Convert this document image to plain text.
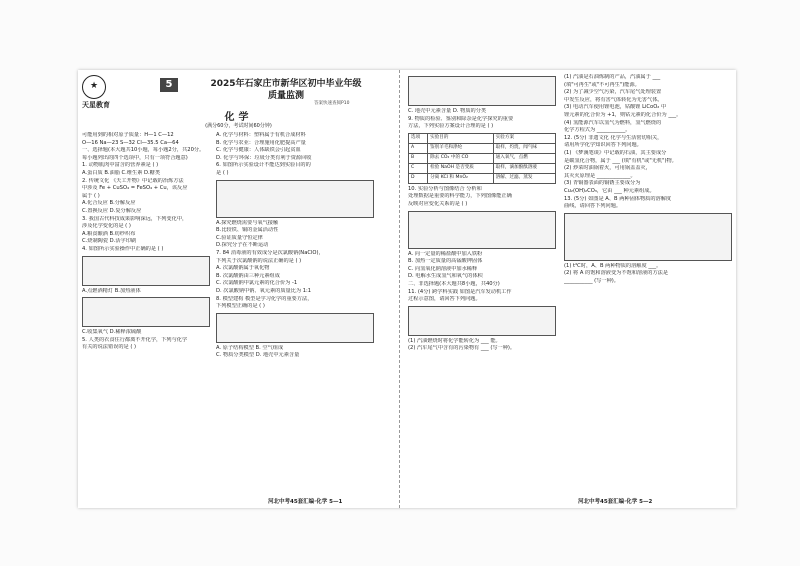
★
天星教育
5	2025年石家庄市新华区初中毕业年级
质量监测
答案快速查阅P10
化学
(满分60分，考试时间60分钟)

可能用到的相对原子质量：H—1 C—12

O—16 Na—23 S—32 Cl—35.5 Ca—64

一、选择题(本大题共10小题，每小题2分，共20分。

每小题列出的四个选项中，只有一项符合题意)

1. 动物肌肉中富含的营养素是 ( )

A.蛋白质 B.油脂 C.维生素 D.糖类

2. 传统文化 《天工开物》中记载的冶炼方法

中涉及 Fe + CuSO₄ = FeSO₄ + Cu，该反应

属于 ( )

A.化合反应 B.分解反应

C.置换反应 D.复分解反应

3. 我国古代科技成果影响深远，下列变化中，

涉及化学变化的是 ( )

A.粮食酿酒 B.纺纱织布

C.烧制陶瓷 D.活字印刷

4. 如图所示实验操作中正确的是 ( )

A.点燃酒精灯 B.加热液体

C.收集氧气 D.稀释浓硫酸

5. 人类的衣食住行都离不开化学，下列与化学

有关的说法错误的是 ( )

A. 化学与材料：塑料属于有机合成材料

B. 化学与农业：合理施用化肥提高产量

C. 化学与健康：人体缺铁会引起贫血

D. 化学与环保：垃圾分类有利于资源回收

6. 如图所示实验设计不能达到实验目的的

是 ( )

A.探究燃烧需要与氧气接触

B.比较铁、铜的金属活动性

C.验证质量守恒定律

D.探究分子在不断运动

7. 84 消毒液的有效成分是次氯酸钠(NaClO)，

下列关于次氯酸钠的说法正确的是 ( )

A. 次氯酸钠属于氧化物

B. 次氯酸钠由三种元素组成

C. 次氯酸钠中氯元素的化合价为 -1

D. 次氯酸钠中钠、氧元素的质量比为 1:1

8. 模型建构 模型是学习化学的重要方法，

下列模型正确的是 ( )

A. 原子结构模型 B. 空气组成

C. 物质分类模型 D. 地壳中元素含量

C. 地壳中元素含量 D. 物质的分类

9. 物质的检验、鉴别和除杂是化学探究的重要

方法，下列实验方案设计合理的是 ( )

选项	实验目的	实验方案
A	鉴别羊毛和涤纶	取样，灼烧，闻气味
B	除去 CO₂ 中的 CO	通入氧气，点燃
C	检验 NaOH 是否变质	取样，滴加酚酞溶液
D	分离 KCl 和 MnO₂	溶解、过滤、蒸发

10. 实验分析与图像结合 分析和

处理数据是重要的科学能力，下列图像能正确

反映对应变化关系的是 ( )

A. 向一定量的稀盐酸中加入铁粉

B. 加热一定质量的高锰酸钾固体

C. 向氢氧化钠溶液中加水稀释

D. 电解水生成氢气和氧气的体积

二、非选择题(本大题共8小题，共40分)

11. (4分) 跨学科实践 如图是汽车发动机工作

过程示意图，请回答下列问题。

(1) 汽油燃烧时将化学能转化为 ___ 能。

(2) 汽车尾气中含有的污染物有 ___ (写一种)。

(1) 汽油是石油炼制的产品，汽油属于 ___

(填"可再生"或"不可再生")能源。

(2) 为了减少空气污染，汽车尾气处理装置

中发生反应，将有害气体转化为无害气体。

(3) 电动汽车使用锂电池，钴酸锂 LiCoO₂ 中

锂元素的化合价为 +1，则钴元素的化合价为 ___。

(4) 氢能源汽车以氢气为燃料，氢气燃烧的

化学方程式为 ___________。

12. (5分) 非遗文化 化学与生活密切相关，

请用所学化学知识回答下列问题。

(1) 《梦溪笔谈》中记载的石油，其主要成分

是碳氢化合物，属于 ___ (填"有机"或"无机")物。

(2) 炒菜时油锅着火，可用锅盖盖灭，

其灭火原理是 _____________。

(3) 青铜器表面的铜锈主要成分为

Cu₂(OH)₂CO₃，它由 ___ 种元素组成。

13. (5分) 如图是 A、B 两种固体物质的溶解度

曲线，请回答下列问题。

(1) t℃时，A、B 两种物质的溶解度 ___。

(2) 将 A 的饱和溶液变为不饱和溶液的方法是

___________ (写一种)。

河北中考45套汇编·化学 5—1	河北中考45套汇编·化学 5—2
